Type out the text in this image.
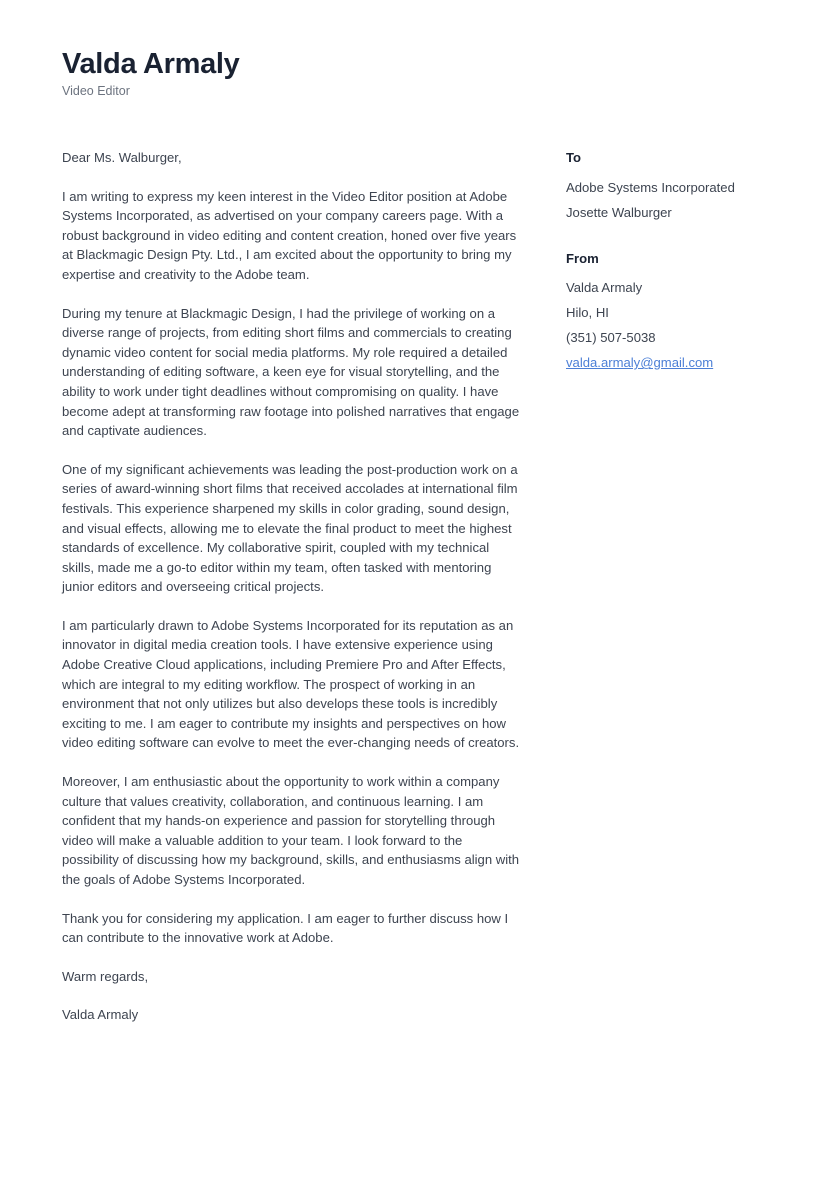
Valda Armaly

Video Editor

Dear Ms. Walburger,

I am writing to express my keen interest in the Video Editor position at Adobe Systems Incorporated, as advertised on your company careers page. With a robust background in video editing and content creation, honed over five years at Blackmagic Design Pty. Ltd., I am excited about the opportunity to bring my expertise and creativity to the Adobe team.

During my tenure at Blackmagic Design, I had the privilege of working on a diverse range of projects, from editing short films and commercials to creating dynamic video content for social media platforms. My role required a detailed understanding of editing software, a keen eye for visual storytelling, and the ability to work under tight deadlines without compromising on quality. I have become adept at transforming raw footage into polished narratives that engage and captivate audiences.

One of my significant achievements was leading the post-production work on a series of award-winning short films that received accolades at international film festivals. This experience sharpened my skills in color grading, sound design, and visual effects, allowing me to elevate the final product to meet the highest standards of excellence. My collaborative spirit, coupled with my technical skills, made me a go-to editor within my team, often tasked with mentoring junior editors and overseeing critical projects.

I am particularly drawn to Adobe Systems Incorporated for its reputation as an innovator in digital media creation tools. I have extensive experience using Adobe Creative Cloud applications, including Premiere Pro and After Effects, which are integral to my editing workflow. The prospect of working in an environment that not only utilizes but also develops these tools is incredibly exciting to me. I am eager to contribute my insights and perspectives on how video editing software can evolve to meet the ever-changing needs of creators.

Moreover, I am enthusiastic about the opportunity to work within a company culture that values creativity, collaboration, and continuous learning. I am confident that my hands-on experience and passion for storytelling through video will make a valuable addition to your team. I look forward to the possibility of discussing how my background, skills, and enthusiasms align with the goals of Adobe Systems Incorporated.

Thank you for considering my application. I am eager to further discuss how I can contribute to the innovative work at Adobe.

Warm regards,

Valda Armaly

To
Adobe Systems Incorporated
Josette Walburger
From
Valda Armaly
Hilo, HI
(351) 507-5038
valda.armaly@gmail.com
